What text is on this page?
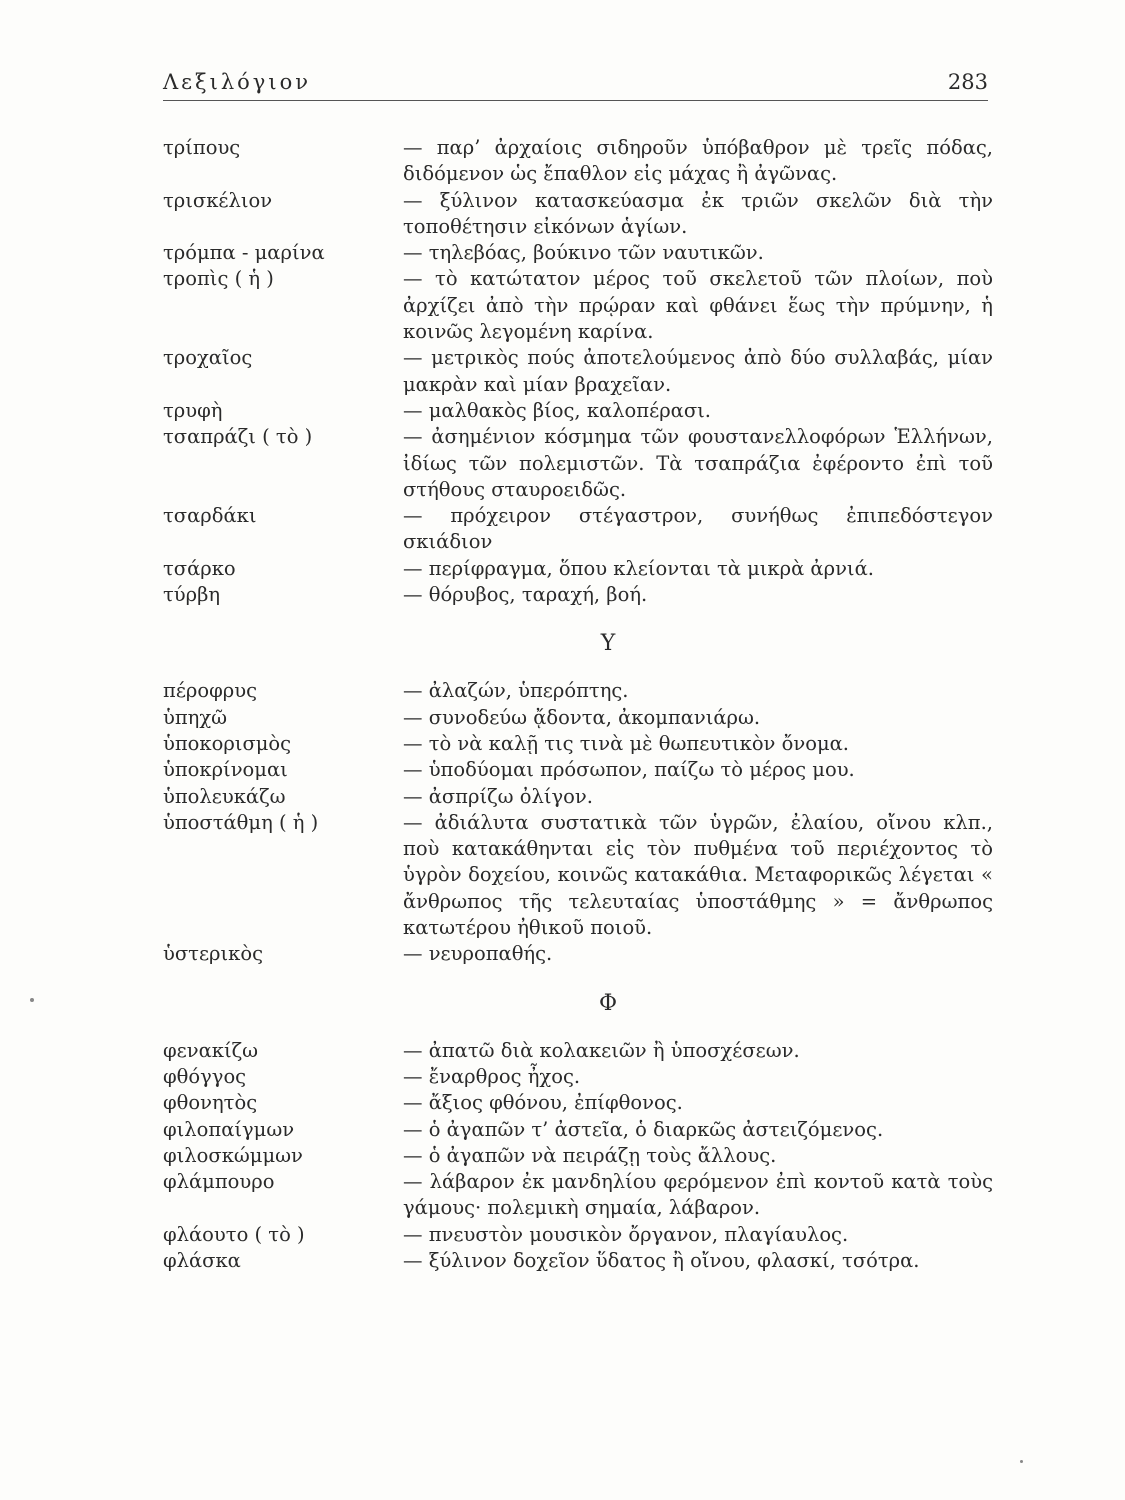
Λεξιλόγιον	283
τρίπους	— παρ’ ἀρχαίοις σιδηροῦν ὑπόβαθρον μὲ τρεῖς πόδας, διδόμενον ὡς ἔπαθλον εἰς μάχας ἢ ἀγῶνας.
τρισκέλιον	— ξύλινον κατασκεύασμα ἐκ τριῶν σκελῶν διὰ τὴν τοποθέτησιν εἰκόνων ἁγίων.
τρόμπα - μαρίνα	— τηλεβόας, βούκινο τῶν ναυτικῶν.
τροπὶς ( ἡ )	— τὸ κατώτατον μέρος τοῦ σκελετοῦ τῶν πλοίων, ποὺ ἀρχίζει ἀπὸ τὴν πρῴραν καὶ φθάνει ἕως τὴν πρύμνην, ἡ κοινῶς λεγομένη καρίνα.
τροχαῖος	— μετρικὸς πούς ἀποτελούμενος ἀπὸ δύο συλλαβάς, μίαν μακρὰν καὶ μίαν βραχεῖαν.
τρυφὴ	— μαλθακὸς βίος, καλοπέρασι.
τσαπράζι ( τὸ )	— ἀσημένιον κόσμημα τῶν φουστανελλοφόρων Ἑλλήνων, ἰδίως τῶν πολεμιστῶν. Τὰ τσαπράζια ἐφέροντο ἐπὶ τοῦ στήθους σταυροειδῶς.
τσαρδάκι	— πρόχειρον στέγαστρον, συνήθως ἐπιπεδόστεγον σκιάδιον
τσάρκο	— περίφραγμα, ὅπου κλείονται τὰ μικρὰ ἀρνιά.
τύρβη	— θόρυβος, ταραχή, βοή.
Υ
πέροφρυς	— ἀλαζών, ὑπερόπτης.
ὑπηχῶ	— συνοδεύω ᾄδοντα, ἀκομπανιάρω.
ὑποκορισμὸς	— τὸ νὰ καλῇ τις τινὰ μὲ θωπευτικὸν ὄνομα.
ὑποκρίνομαι	— ὑποδύομαι πρόσωπον, παίζω τὸ μέρος μου.
ὑπολευκάζω	— ἀσπρίζω ὀλίγον.
ὑποστάθμη ( ἡ )	— ἀδιάλυτα συστατικὰ τῶν ὑγρῶν, ἐλαίου, οἴνου κλπ., ποὺ κατακάθηνται εἰς τὸν πυθμένα τοῦ περιέχοντος τὸ ὑγρὸν δοχείου, κοινῶς κατακάθια. Μεταφορικῶς λέγεται « ἄνθρωπος τῆς τελευταίας ὑποστάθμης » = ἄνθρωπος κατωτέρου ἠθικοῦ ποιοῦ.
ὑστερικὸς	— νευροπαθής.
Φ
φενακίζω	— ἀπατῶ διὰ κολακειῶν ἢ ὑποσχέσεων.
φθόγγος	— ἔναρθρος ἦχος.
φθονητὸς	— ἄξιος φθόνου, ἐπίφθονος.
φιλοπαίγμων	— ὁ ἀγαπῶν τ’ ἀστεῖα, ὁ διαρκῶς ἀστειζόμενος.
φιλοσκώμμων	— ὁ ἀγαπῶν νὰ πειράζῃ τοὺς ἄλλους.
φλάμπουρο	— λάβαρον ἐκ μανδηλίου φερόμενον ἐπὶ κοντοῦ κατὰ τοὺς γάμους· πολεμικὴ σημαία, λάβαρον.
φλάουτο ( τὸ )	— πνευστὸν μουσικὸν ὄργανον, πλαγίαυλος.
φλάσκα	— ξύλινον δοχεῖον ὕδατος ἢ οἴνου, φλασκί, τσότρα.
